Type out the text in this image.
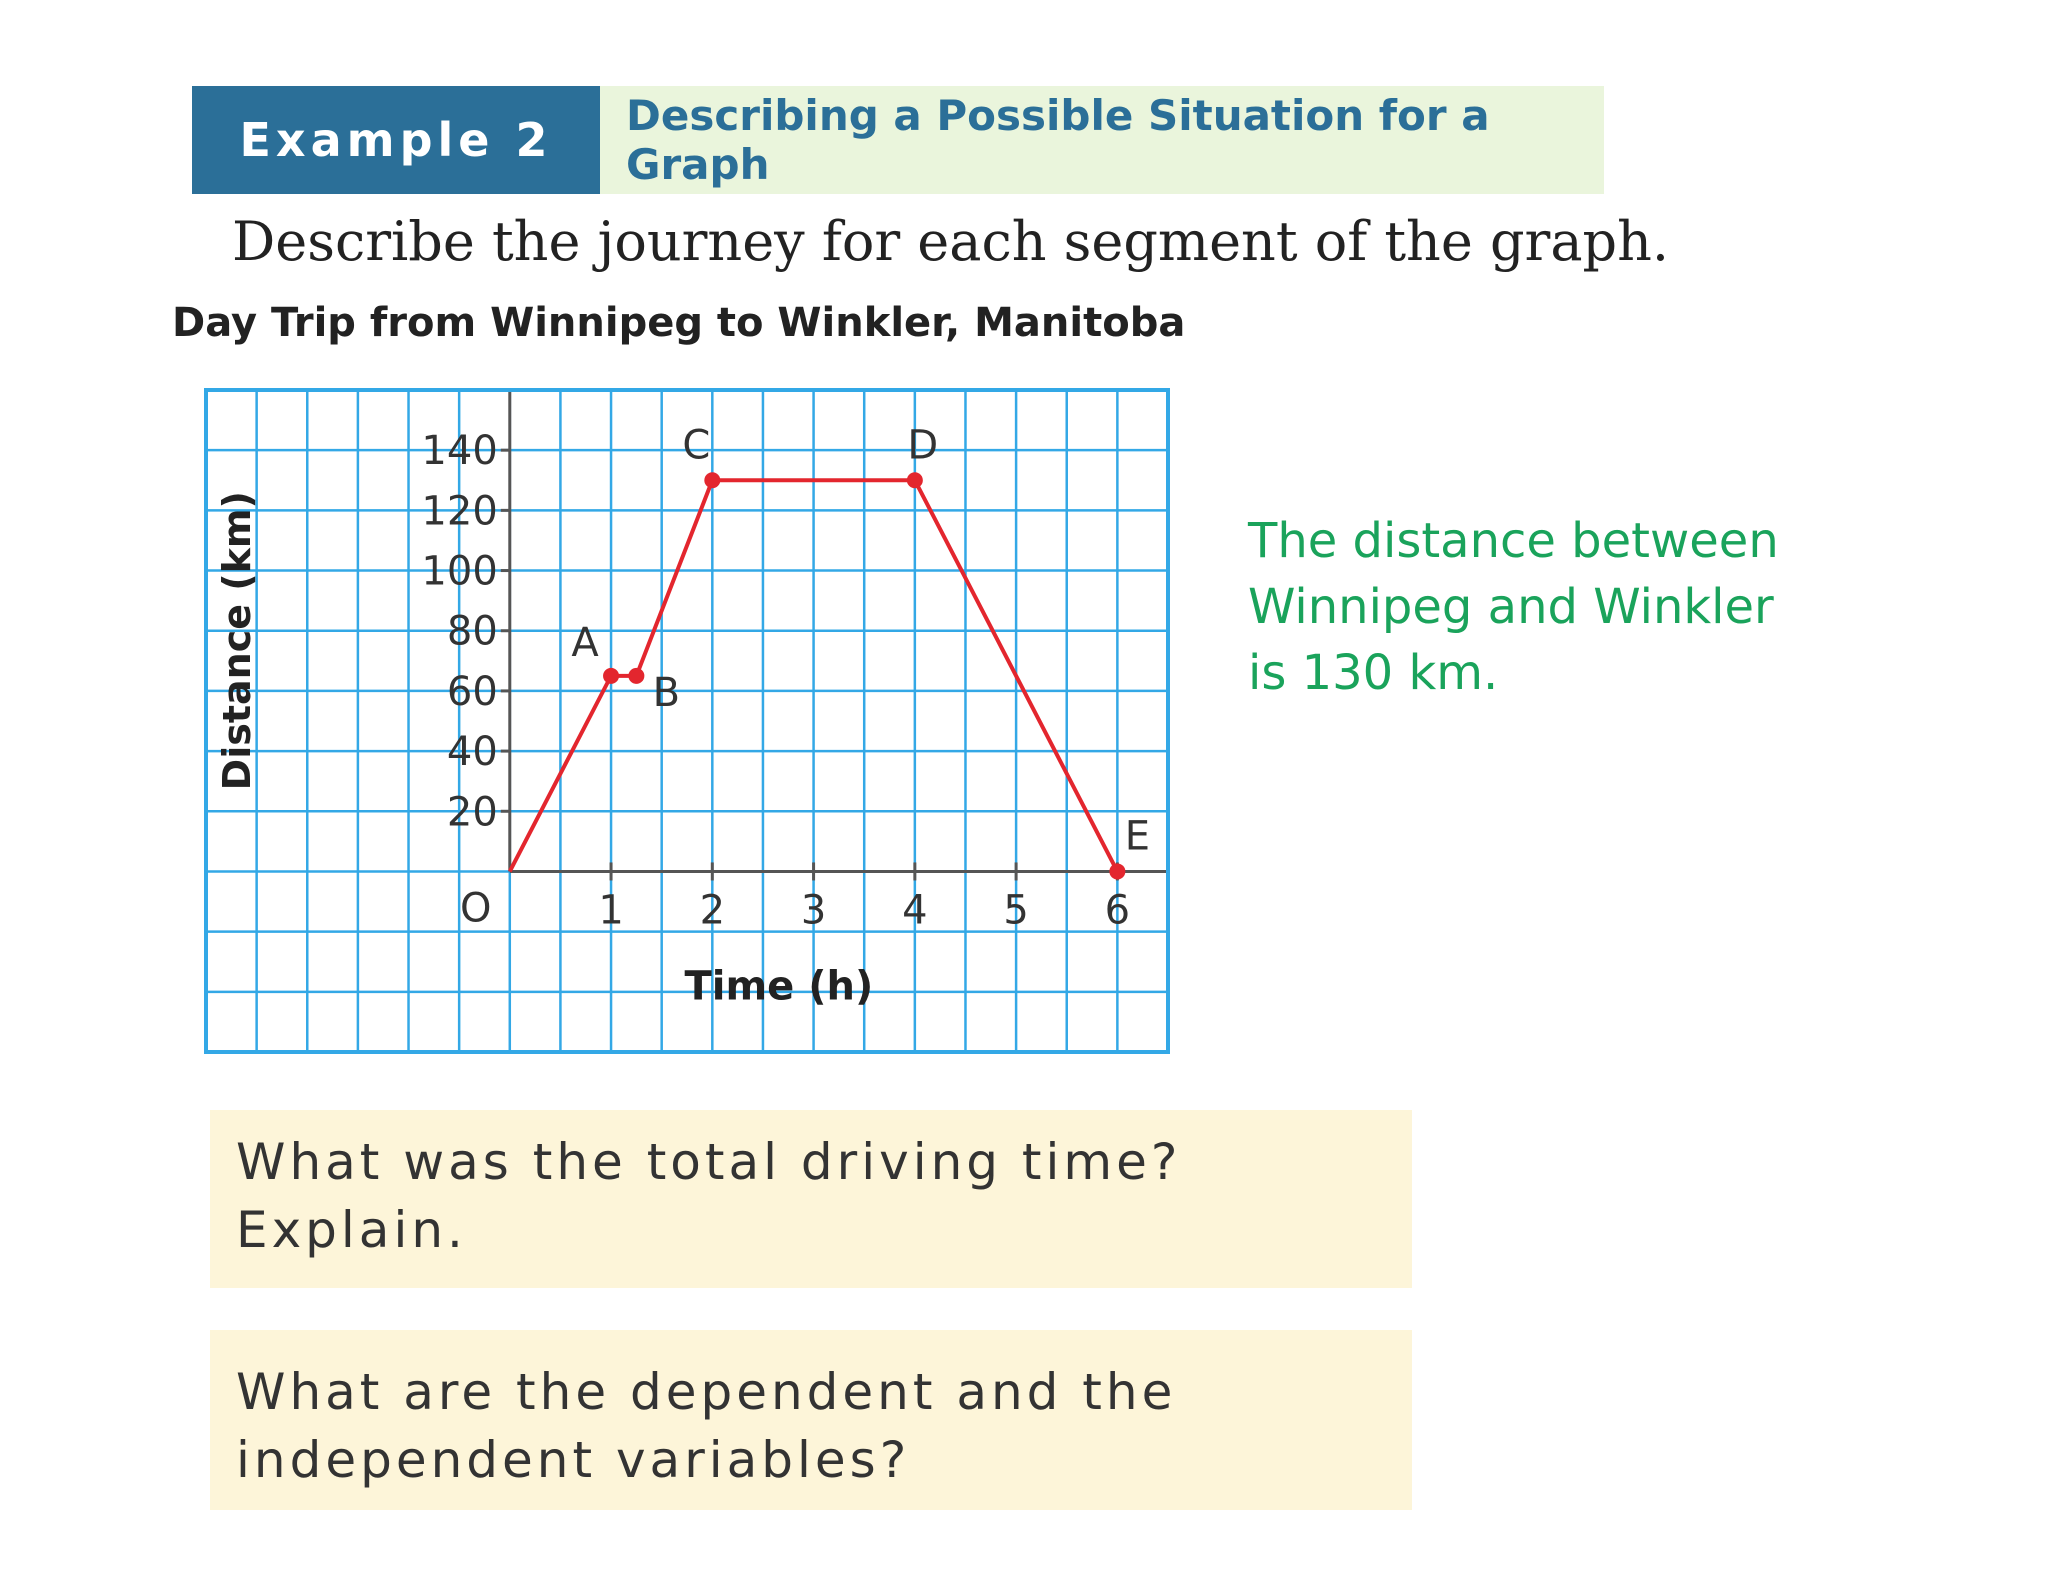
Example 2	Describing a Possible Situation for a Graph
Describe the journey for each segment of the graph.
Day Trip from Winnipeg to Winkler, Manitoba
20
40
60
80
100
120
140
1 2 3 4 5 6
O
Time (h)
Distance (km)	A
B
C	D
E
The distance between Winnipeg and Winkler is 130 km.
What was the total driving time? Explain.
What are the dependent and the independent variables?
